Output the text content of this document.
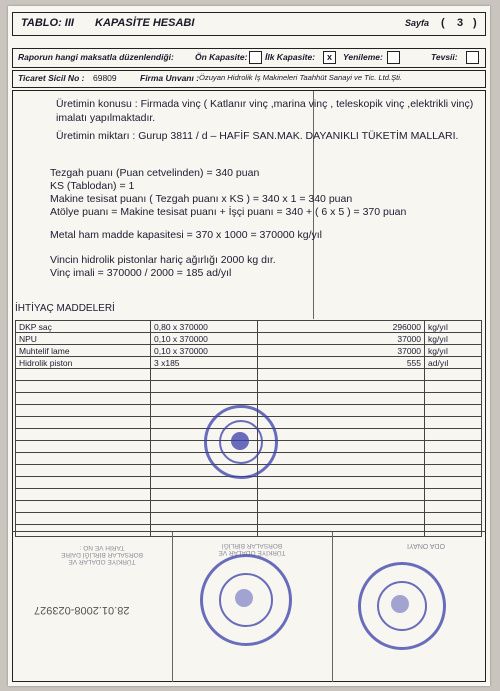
TABLO: III KAPASİTE HESABI	Sayfa ( 3 )
Raporun hangi maksatla düzenlendiği: Ön Kapasite: İlk Kapasite:	x	Yenileme:	Tevsii:
Ticaret Sicil No : 69809	Firma Unvanı : Özuyan Hidrolik İş Makineleri Taahhüt Sanayi ve Tic. Ltd.Şti.
Üretimin konusu : Firmada vinç ( Katlanır vinç ,marina vinç , teleskopik vinç ,elektrikli vinç)
imalatı yapılmaktadır.
Üretimin miktarı : Gurup 3811 / d – HAFİF SAN.MAK. DAYANIKLI TÜKETİM MALLARI.
Tezgah puanı (Puan cetvelinden) = 340 puan
KS (Tablodan) = 1
Makine tesisat puanı ( Tezgah puanı x KS ) = 340 x 1 = 340 puan
Atölye puanı = Makine tesisat puanı + İşçi puanı = 340 + ( 6 x 5 ) = 370 puan
Metal ham madde kapasitesi = 370 x 1000 = 370000 kg/yıl
Vincin hidrolik pistonlar hariç ağırlığı 2000 kg dır.
Vinç imali = 370000 / 2000 = 185 ad/yıl
İHTİYAÇ MADDELERİ
DKP saç	0,80 x 370000	296000	kg/yıl
NPU	0,10 x 370000	37000	kg/yıl
Muhtelif lame	0,10 x 370000	37000	kg/yıl
Hidrolik piston	3 x185	555	ad/yıl

TÜRKİYE ODALAR VE BORSALAR BİRLİĞİ DAİRE TARİH VE NO :
28.01.2008-023927
TÜRKİYE ODALAR VE BORSALAR BİRLİĞİ	ODA ONAYI
